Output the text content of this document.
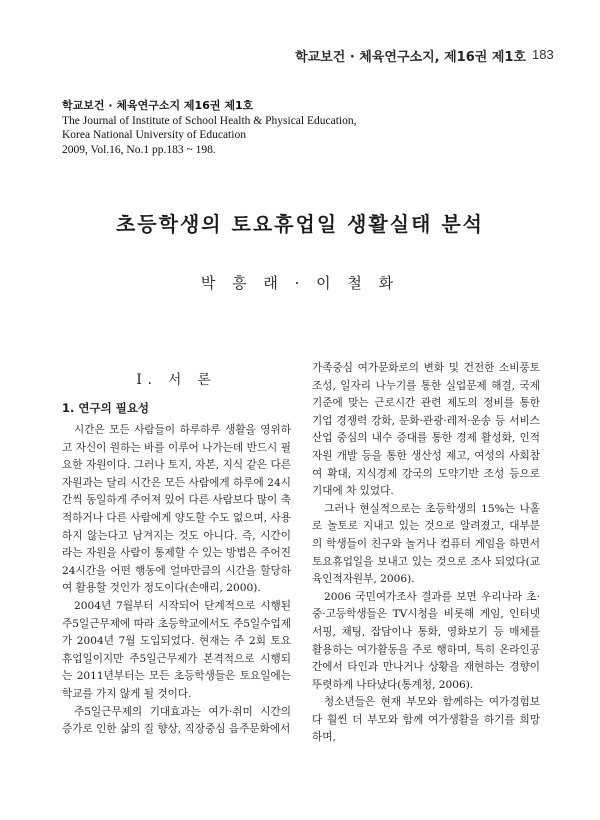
학교보건 · 체육연구소지, 제16권 제1호 183
학교보건 · 체육연구소지 제16권 제1호
The Journal of Institute of School Health & Physical Education,
Korea National University of Education
2009, Vol.16, No.1 pp.183 ~ 198.
초등학생의 토요휴업일 생활실태 분석
박 흥 래 · 이 철 화
Ⅰ. 서 론
1. 연구의 필요성

시간은 모든 사람들이 하루하루 생활을 영위하고 자신이 원하는 바를 이루어 나가는데 반드시 필요한 자원이다. 그러나 토지, 자본, 지식 같은 다른 자원과는 달리 시간은 모든 사람에게 하루에 24시간씩 동일하게 주어져 있어 다른 사람보다 많이 축적하거나 다른 사람에게 양도할 수도 없으며, 사용하지 않는다고 남겨지는 것도 아니다. 즉, 시간이라는 자원을 사람이 통제할 수 있는 방법은 주어진 24시간을 어떤 행동에 얼마만큼의 시간을 할당하여 활용할 것인가 정도이다(손애리, 2000).

2004년 7월부터 시작되어 단계적으로 시행된 주5일근무제에 따라 초등학교에서도 주5일수업제가 2004년 7월 도입되었다. 현재는 주 2회 토요휴업일이지만 주5일근무제가 본격적으로 시행되는 2011년부터는 모든 초등학생들은 토요일에는 학교를 가지 않게 될 것이다.

주5일근무제의 기대효과는 여가·취미 시간의 증가로 인한 삶의 질 향상, 직장중심 음주문화에서

가족중심 여가문화로의 변화 및 건전한 소비풍토 조성, 일자리 나누기를 통한 실업문제 해결, 국제기준에 맞는 근로시간 관련 제도의 정비를 통한 기업 경쟁력 강화, 문화·관광·레저·운송 등 서비스 산업 중심의 내수 증대를 통한 경제 활성화, 인적자원 개발 등을 통한 생산성 제고, 여성의 사회참여 확대, 지식경제 강국의 도약기반 조성 등으로 기대에 차 있었다.

그러나 현실적으로는 초등학생의 15%는 나홀로 놀토로 지내고 있는 것으로 알려졌고, 대부분의 학생들이 친구와 놀거나 컴퓨터 게임을 하면서 토요휴업일을 보내고 있는 것으로 조사 되었다(교육인적자원부, 2006).

2006 국민여가조사 결과를 보면 우리나라 초·중·고등학생들은 TV시청을 비롯해 게임, 인터넷서핑, 채팅, 잡담이나 통화, 영화보기 등 매체를 활용하는 여가활동을 주로 행하며, 특히 온라인공간에서 타인과 만나거나 상황을 재현하는 경향이 뚜렷하게 나타났다(통계청, 2006).

청소년들은 현재 부모와 함께하는 여가경험보다 훨씬 더 부모와 함께 여가생활을 하기를 희망하며,
